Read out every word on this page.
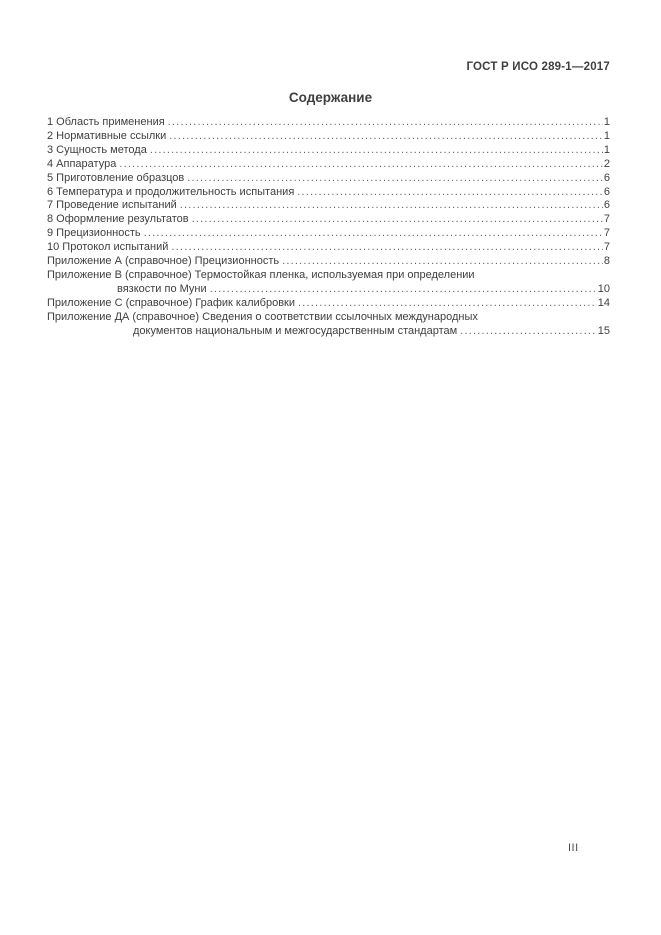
ГОСТ Р ИСО 289-1—2017
Содержание
1 Область применения .....	1
2 Нормативные ссылки .....	1
3 Сущность метода .....	1
4 Аппаратура .....	2
5 Приготовление образцов .....	6
6 Температура и продолжительность испытания .....	6
7 Проведение испытаний .....	6
8 Оформление результатов .....	7
9 Прецизионность .....	7
10 Протокол испытаний .....	7
Приложение А (справочное) Прецизионность .....	8
Приложение В (справочное) Термостойкая пленка, используемая при определении
вязкости по Муни .....	10
Приложение С (справочное) График калибровки .....	14
Приложение ДА (справочное) Сведения о соответствии ссылочных международных
документов национальным и межгосударственным стандартам .....	15
III
